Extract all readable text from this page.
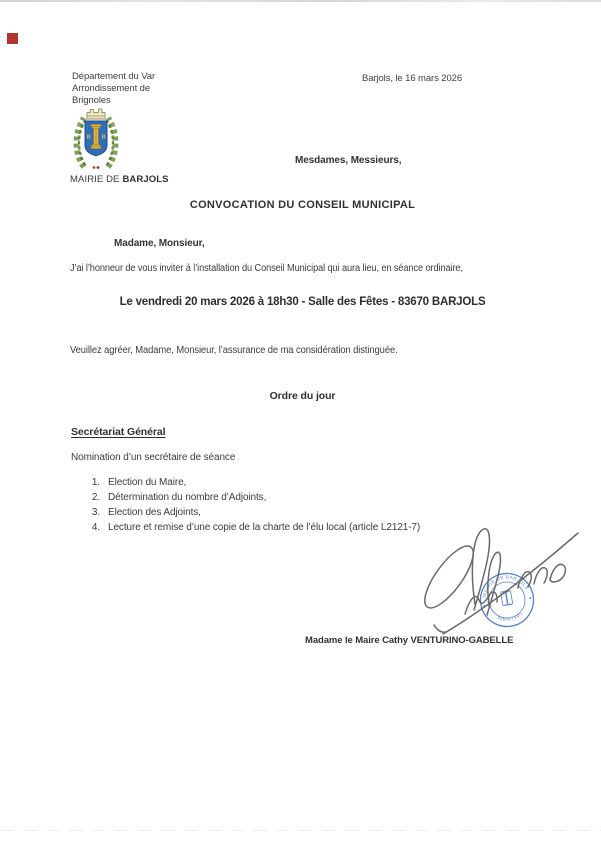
Département du Var
Arrondissement de
Brignoles
Barjols, le 16 mars 2026
B B
MAIRIE DE BARJOLS
Mesdames, Messieurs,
CONVOCATION DU CONSEIL MUNICIPAL
Madame, Monsieur,
J’ai l’honneur de vous inviter à l’installation du Conseil Municipal qui aura lieu, en séance ordinaire,
Le vendredi 20 mars 2026 à 18h30 - Salle des Fêtes - 83670 BARJOLS
Veuillez agréer, Madame, Monsieur, l’assurance de ma considération distinguée.
Ordre du jour
Secrétariat Général
Nomination d’un secrétaire de séance
1. Election du Maire,
2. Détermination du nombre d’Adjoints,
3. Election des Adjoints,
4. Lecture et remise d’une copie de la charte de l’élu local (article L2121-7)
MAIRIE DE BARJOLS
83670 (Var)
Madame le Maire Cathy VENTURINO-GABELLE
